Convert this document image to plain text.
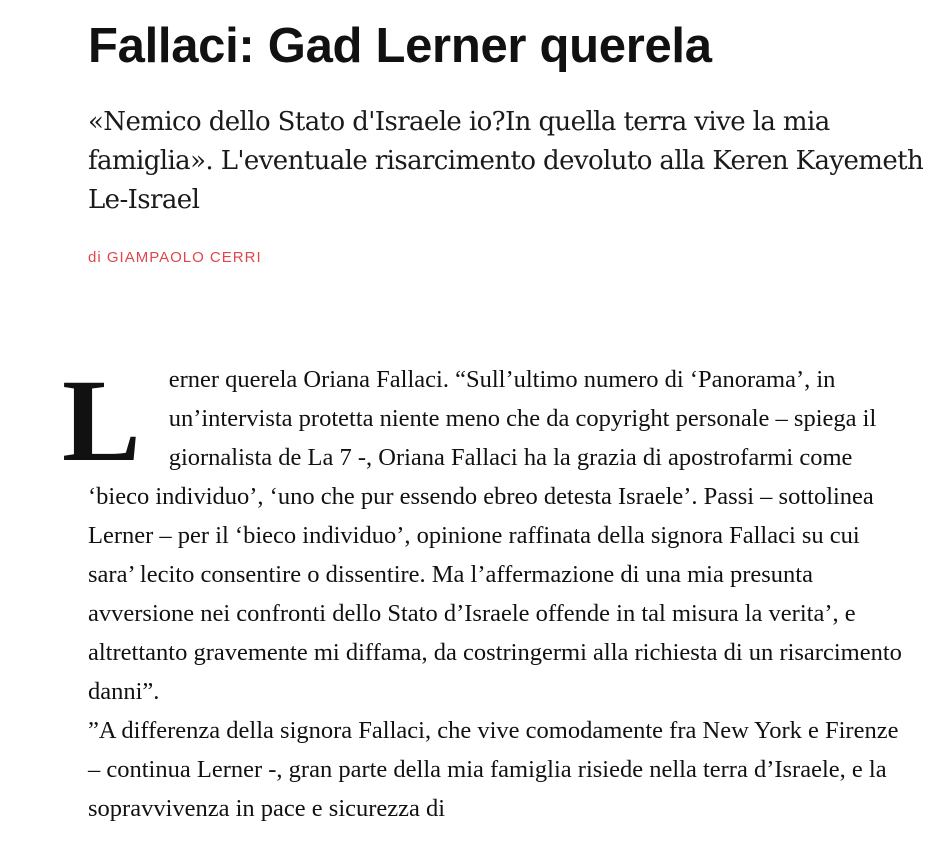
Fallaci: Gad Lerner querela

«Nemico dello Stato d'Israele io?In quella terra vive la mia famiglia». L'eventuale risarcimento devoluto alla Keren Kayemeth Le-Israel

di GIAMPAOLO CERRI

L erner querela Oriana Fallaci. “Sull’ultimo numero di ‘Panorama’, in un’intervista protetta niente meno che da copyright personale – spiega il giornalista de La 7 -, Oriana Fallaci ha la grazia di apostrofarmi come ‘bieco individuo’, ‘uno che pur essendo ebreo detesta Israele’. Passi – sottolinea Lerner – per il ‘bieco individuo’, opinione raffinata della signora Fallaci su cui sara’ lecito consentire o dissentire. Ma l’affermazione di una mia presunta avversione nei confronti dello Stato d’Israele offende in tal misura la verita’, e altrettanto gravemente mi diffama, da costringermi alla richiesta di un risarcimento danni”.

”A differenza della signora Fallaci, che vive comodamente fra New York e Firenze – continua Lerner -, gran parte della mia famiglia risiede nella terra d’Israele, e la sopravvivenza in pace e sicurezza di
